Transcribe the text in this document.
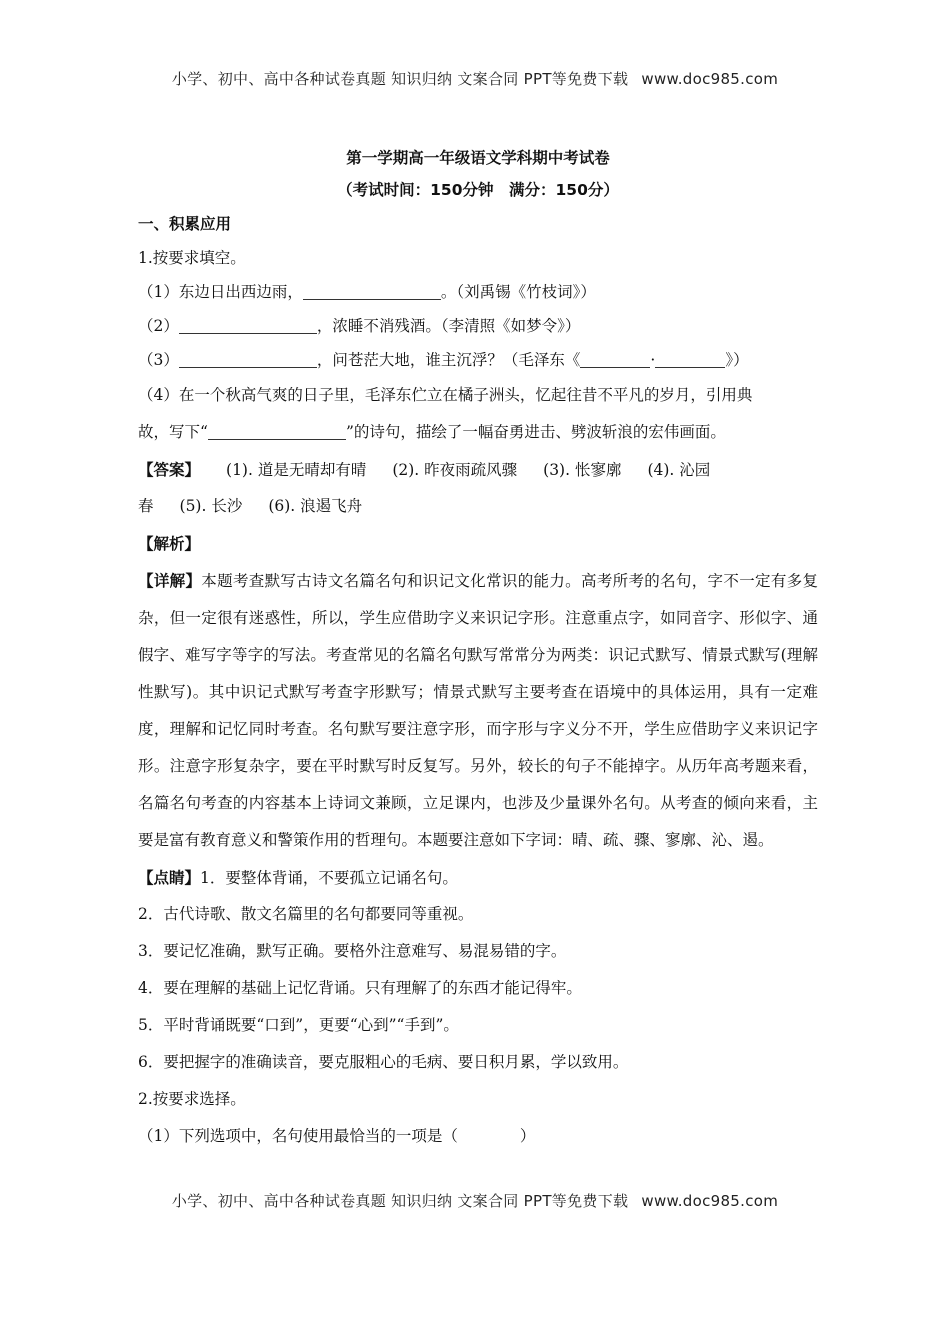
小学、初中、高中各种试卷真题 知识归纳 文案合同 PPT等免费下载 www.doc985.com
第一学期高一年级语文学科期中考试卷
（考试时间：150分钟　满分：150分）
一、积累应用
1.按要求填空。
（1）东边日出西边雨，	。（刘禹锡《竹枝词》）
（2）	，浓睡不消残酒。（李清照《如梦令》）
（3）	，问苍茫大地，谁主沉浮？（毛泽东《	·	》）
（4）在一个秋高气爽的日子里，毛泽东伫立在橘子洲头，忆起往昔不平凡的岁月，引用典
故，写下“	”的诗句，描绘了一幅奋勇进击、劈波斩浪的宏伟画面。
【答案】 (1). 道是无晴却有晴 (2). 昨夜雨疏风骤 (3). 怅寥廓 (4). 沁园
春 (5). 长沙 (6). 浪遏飞舟
【解析】
【详解】本题考查默写古诗文名篇名句和识记文化常识的能力。高考所考的名句，字不一定有多复杂，但一定很有迷惑性，所以，学生应借助字义来识记字形。注意重点字，如同音字、形似字、通假字、难写字等字的写法。考查常见的名篇名句默写常常分为两类：识记式默写、情景式默写(理解性默写)。其中识记式默写考查字形默写；情景式默写主要考查在语境中的具体运用，具有一定难度，理解和记忆同时考查。名句默写要注意字形，而字形与字义分不开，学生应借助字义来识记字形。注意字形复杂字，要在平时默写时反复写。另外，较长的句子不能掉字。从历年高考题来看，名篇名句考查的内容基本上诗词文兼顾，立足课内，也涉及少量课外名句。从考查的倾向来看，主要是富有教育意义和警策作用的哲理句。本题要注意如下字词：晴、疏、骤、寥廓、沁、遏。
【点睛】1．要整体背诵，不要孤立记诵名句。
2．古代诗歌、散文名篇里的名句都要同等重视。
3．要记忆准确，默写正确。要格外注意难写、易混易错的字。
4．要在理解的基础上记忆背诵。只有理解了的东西才能记得牢。
5．平时背诵既要“口到”，更要“心到”“手到”。
6．要把握字的准确读音，要克服粗心的毛病、要日积月累，学以致用。
2.按要求选择。
（1）下列选项中，名句使用最恰当的一项是（　　　　）
小学、初中、高中各种试卷真题 知识归纳 文案合同 PPT等免费下载 www.doc985.com
